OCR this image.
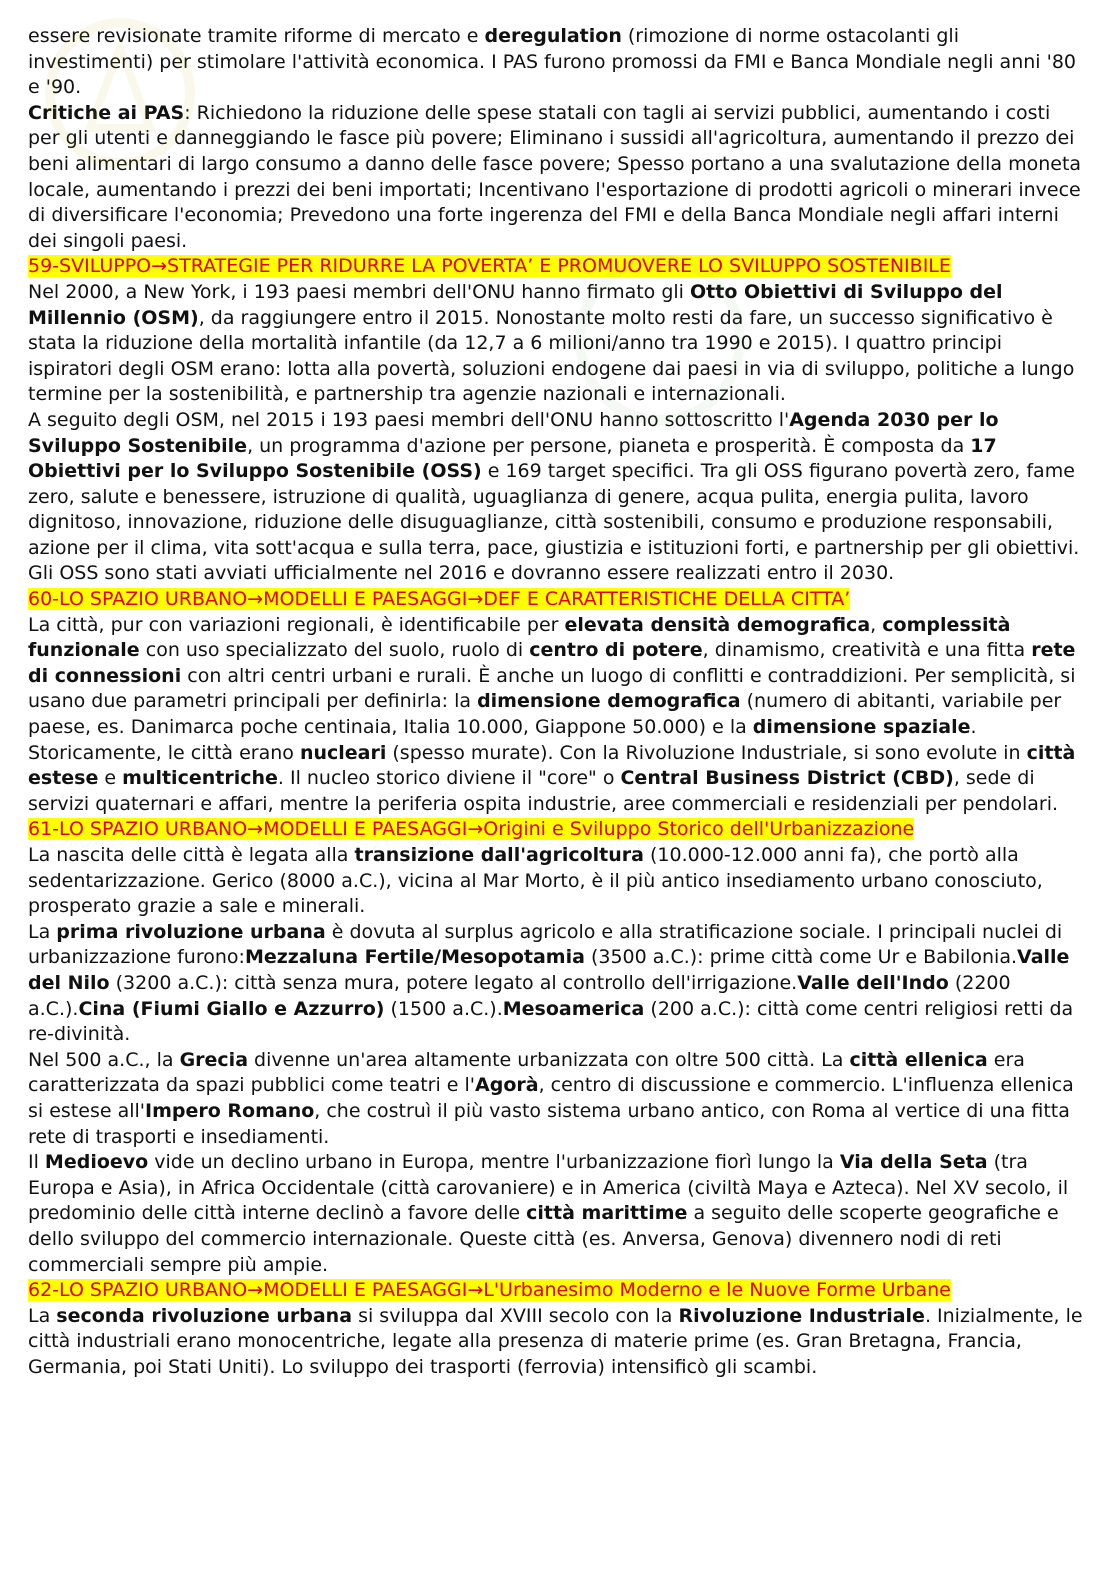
essere revisionate tramite riforme di mercato e deregulation (rimozione di norme ostacolanti gli investimenti) per stimolare l'attività economica. I PAS furono promossi da FMI e Banca Mondiale negli anni '80 e '90.

Critiche ai PAS: Richiedono la riduzione delle spese statali con tagli ai servizi pubblici, aumentando i costi per gli utenti e danneggiando le fasce più povere; Eliminano i sussidi all'agricoltura, aumentando il prezzo dei beni alimentari di largo consumo a danno delle fasce povere; Spesso portano a una svalutazione della moneta locale, aumentando i prezzi dei beni importati; Incentivano l'esportazione di prodotti agricoli o minerari invece di diversificare l'economia; Prevedono una forte ingerenza del FMI e della Banca Mondiale negli affari interni dei singoli paesi.

59-SVILUPPO→STRATEGIE PER RIDURRE LA POVERTA’ E PROMUOVERE LO SVILUPPO SOSTENIBILE

Nel 2000, a New York, i 193 paesi membri dell'ONU hanno firmato gli Otto Obiettivi di Sviluppo del Millennio (OSM), da raggiungere entro il 2015. Nonostante molto resti da fare, un successo significativo è stata la riduzione della mortalità infantile (da 12,7 a 6 milioni/anno tra 1990 e 2015). I quattro principi ispiratori degli OSM erano: lotta alla povertà, soluzioni endogene dai paesi in via di sviluppo, politiche a lungo termine per la sostenibilità, e partnership tra agenzie nazionali e internazionali.

A seguito degli OSM, nel 2015 i 193 paesi membri dell'ONU hanno sottoscritto l'Agenda 2030 per lo Sviluppo Sostenibile, un programma d'azione per persone, pianeta e prosperità. È composta da 17 Obiettivi per lo Sviluppo Sostenibile (OSS) e 169 target specifici. Tra gli OSS figurano povertà zero, fame zero, salute e benessere, istruzione di qualità, uguaglianza di genere, acqua pulita, energia pulita, lavoro dignitoso, innovazione, riduzione delle disuguaglianze, città sostenibili, consumo e produzione responsabili, azione per il clima, vita sott'acqua e sulla terra, pace, giustizia e istituzioni forti, e partnership per gli obiettivi. Gli OSS sono stati avviati ufficialmente nel 2016 e dovranno essere realizzati entro il 2030.

60-LO SPAZIO URBANO→MODELLI E PAESAGGI→DEF E CARATTERISTICHE DELLA CITTA’

La città, pur con variazioni regionali, è identificabile per elevata densità demografica, complessità funzionale con uso specializzato del suolo, ruolo di centro di potere, dinamismo, creatività e una fitta rete di connessioni con altri centri urbani e rurali. È anche un luogo di conflitti e contraddizioni. Per semplicità, si usano due parametri principali per definirla: la dimensione demografica (numero di abitanti, variabile per paese, es. Danimarca poche centinaia, Italia 10.000, Giappone 50.000) e la dimensione spaziale.

Storicamente, le città erano nucleari (spesso murate). Con la Rivoluzione Industriale, si sono evolute in città estese e multicentriche. Il nucleo storico diviene il "core" o Central Business District (CBD), sede di servizi quaternari e affari, mentre la periferia ospita industrie, aree commerciali e residenziali per pendolari.

61-LO SPAZIO URBANO→MODELLI E PAESAGGI→Origini e Sviluppo Storico dell'Urbanizzazione

La nascita delle città è legata alla transizione dall'agricoltura (10.000-12.000 anni fa), che portò alla sedentarizzazione. Gerico (8000 a.C.), vicina al Mar Morto, è il più antico insediamento urbano conosciuto, prosperato grazie a sale e minerali.

La prima rivoluzione urbana è dovuta al surplus agricolo e alla stratificazione sociale. I principali nuclei di urbanizzazione furono:Mezzaluna Fertile/Mesopotamia (3500 a.C.): prime città come Ur e Babilonia.Valle del Nilo (3200 a.C.): città senza mura, potere legato al controllo dell'irrigazione.Valle dell'Indo (2200 a.C.).Cina (Fiumi Giallo e Azzurro) (1500 a.C.).Mesoamerica (200 a.C.): città come centri religiosi retti da re-divinità.

Nel 500 a.C., la Grecia divenne un'area altamente urbanizzata con oltre 500 città. La città ellenica era caratterizzata da spazi pubblici come teatri e l'Agorà, centro di discussione e commercio. L'influenza ellenica si estese all'Impero Romano, che costruì il più vasto sistema urbano antico, con Roma al vertice di una fitta rete di trasporti e insediamenti.

Il Medioevo vide un declino urbano in Europa, mentre l'urbanizzazione fiorì lungo la Via della Seta (tra Europa e Asia), in Africa Occidentale (città carovaniere) e in America (civiltà Maya e Azteca). Nel XV secolo, il predominio delle città interne declinò a favore delle città marittime a seguito delle scoperte geografiche e dello sviluppo del commercio internazionale. Queste città (es. Anversa, Genova) divennero nodi di reti commerciali sempre più ampie.

62-LO SPAZIO URBANO→MODELLI E PAESAGGI→L'Urbanesimo Moderno e le Nuove Forme Urbane

La seconda rivoluzione urbana si sviluppa dal XVIII secolo con la Rivoluzione Industriale. Inizialmente, le città industriali erano monocentriche, legate alla presenza di materie prime (es. Gran Bretagna, Francia, Germania, poi Stati Uniti). Lo sviluppo dei trasporti (ferrovia) intensificò gli scambi.
